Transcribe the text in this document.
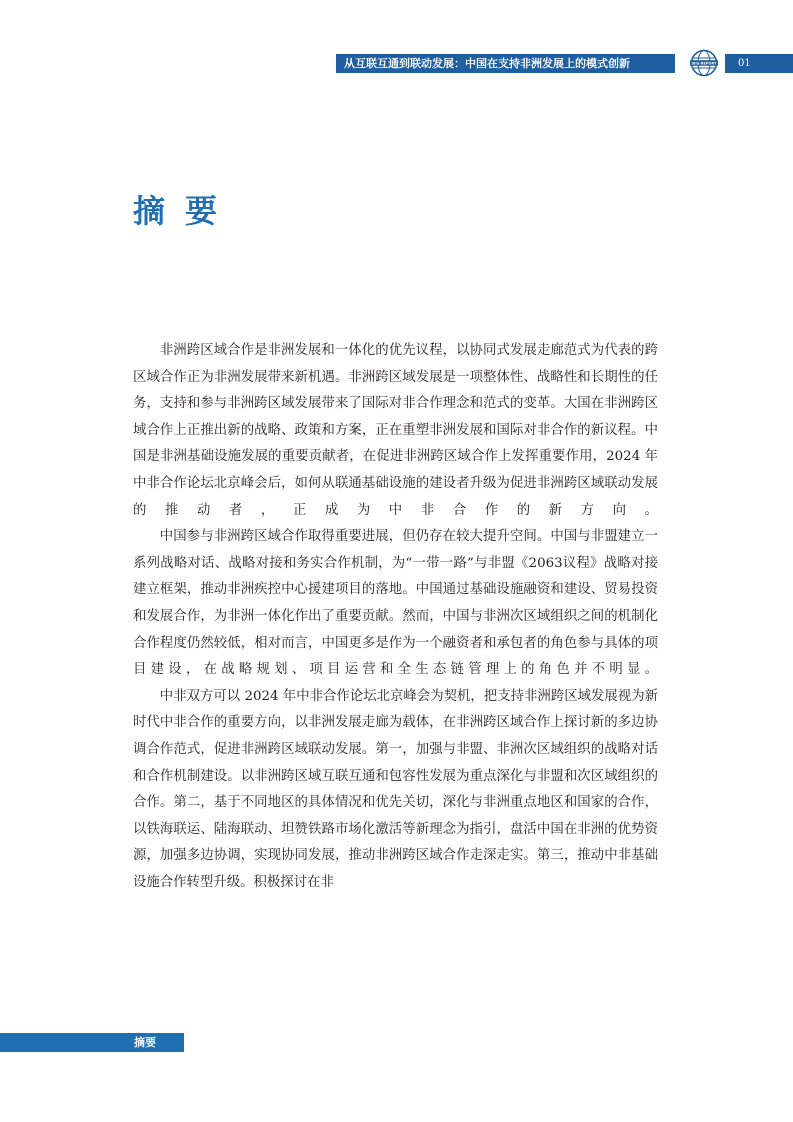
从互联互通到联动发展：中国在支持非洲发展上的模式创新	SIIS REPORT	01
摘要

非洲跨区域合作是非洲发展和一体化的优先议程，以协同式发展走廊范式为代表的跨区域合作正为非洲发展带来新机遇。非洲跨区域发展是一项整体性、战略性和长期性的任务，支持和参与非洲跨区域发展带来了国际对非合作理念和范式的变革。大国在非洲跨区域合作上正推出新的战略、政策和方案，正在重塑非洲发展和国际对非合作的新议程。中国是非洲基础设施发展的重要贡献者，在促进非洲跨区域合作上发挥重要作用，2024 年中非合作论坛北京峰会后，如何从联通基础设施的建设者升级为促进非洲跨区域联动发展的推动者，正成为中非合作的新方向。

中国参与非洲跨区域合作取得重要进展，但仍存在较大提升空间。中国与非盟建立一系列战略对话、战略对接和务实合作机制，为“一带一路”与非盟《2063议程》战略对接建立框架，推动非洲疾控中心援建项目的落地。中国通过基础设施融资和建设、贸易投资和发展合作，为非洲一体化作出了重要贡献。然而，中国与非洲次区域组织之间的机制化合作程度仍然较低，相对而言，中国更多是作为一个融资者和承包者的角色参与具体的项目建设，在战略规划、项目运营和全生态链管理上的角色并不明显。

中非双方可以 2024 年中非合作论坛北京峰会为契机，把支持非洲跨区域发展视为新时代中非合作的重要方向，以非洲发展走廊为载体，在非洲跨区域合作上探讨新的多边协调合作范式，促进非洲跨区域联动发展。第一，加强与非盟、非洲次区域组织的战略对话和合作机制建设。以非洲跨区域互联互通和包容性发展为重点深化与非盟和次区域组织的合作。第二，基于不同地区的具体情况和优先关切，深化与非洲重点地区和国家的合作，以铁海联运、陆海联动、坦赞铁路市场化激活等新理念为指引，盘活中国在非洲的优势资源，加强多边协调，实现协同发展，推动非洲跨区域合作走深走实。第三，推动中非基础设施合作转型升级。积极探讨在非

摘要
